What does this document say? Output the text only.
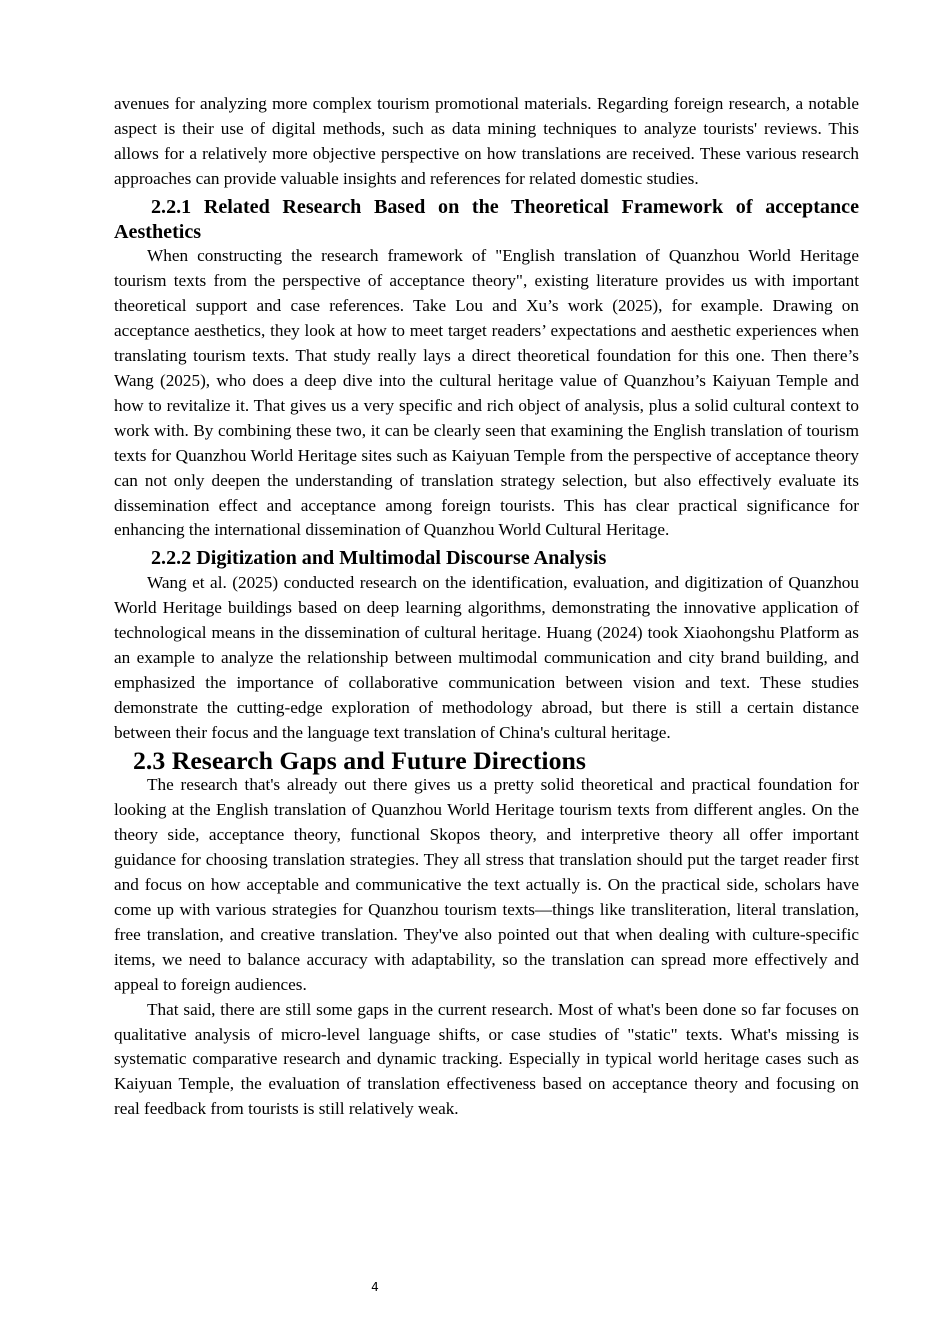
avenues for analyzing more complex tourism promotional materials. Regarding foreign research, a notable aspect is their use of digital methods, such as data mining techniques to analyze tourists' reviews. This allows for a relatively more objective perspective on how translations are received. These various research approaches can provide valuable insights and references for related domestic studies.

2.2.1 Related Research Based on the Theoretical Framework of acceptance Aesthetics

When constructing the research framework of "English translation of Quanzhou World Heritage tourism texts from the perspective of acceptance theory", existing literature provides us with important theoretical support and case references. Take Lou and Xu’s work (2025), for example. Drawing on acceptance aesthetics, they look at how to meet target readers’ expectations and aesthetic experiences when translating tourism texts. That study really lays a direct theoretical foundation for this one. Then there’s Wang (2025), who does a deep dive into the cultural heritage value of Quanzhou’s Kaiyuan Temple and how to revitalize it. That gives us a very specific and rich object of analysis, plus a solid cultural context to work with. By combining these two, it can be clearly seen that examining the English translation of tourism texts for Quanzhou World Heritage sites such as Kaiyuan Temple from the perspective of acceptance theory can not only deepen the understanding of translation strategy selection, but also effectively evaluate its dissemination effect and acceptance among foreign tourists. This has clear practical significance for enhancing the international dissemination of Quanzhou World Cultural Heritage.

2.2.2 Digitization and Multimodal Discourse Analysis

Wang et al. (2025) conducted research on the identification, evaluation, and digitization of Quanzhou World Heritage buildings based on deep learning algorithms, demonstrating the innovative application of technological means in the dissemination of cultural heritage. Huang (2024) took Xiaohongshu Platform as an example to analyze the relationship between multimodal communication and city brand building, and emphasized the importance of collaborative communication between vision and text. These studies demonstrate the cutting-edge exploration of methodology abroad, but there is still a certain distance between their focus and the language text translation of China's cultural heritage.

2.3 Research Gaps and Future Directions

The research that's already out there gives us a pretty solid theoretical and practical foundation for looking at the English translation of Quanzhou World Heritage tourism texts from different angles. On the theory side, acceptance theory, functional Skopos theory, and interpretive theory all offer important guidance for choosing translation strategies. They all stress that translation should put the target reader first and focus on how acceptable and communicative the text actually is. On the practical side, scholars have come up with various strategies for Quanzhou tourism texts—things like transliteration, literal translation, free translation, and creative translation. They've also pointed out that when dealing with culture-specific items, we need to balance accuracy with adaptability, so the translation can spread more effectively and appeal to foreign audiences.

That said, there are still some gaps in the current research. Most of what's been done so far focuses on qualitative analysis of micro-level language shifts, or case studies of "static" texts. What's missing is systematic comparative research and dynamic tracking. Especially in typical world heritage cases such as Kaiyuan Temple, the evaluation of translation effectiveness based on acceptance theory and focusing on real feedback from tourists is still relatively weak.

4
